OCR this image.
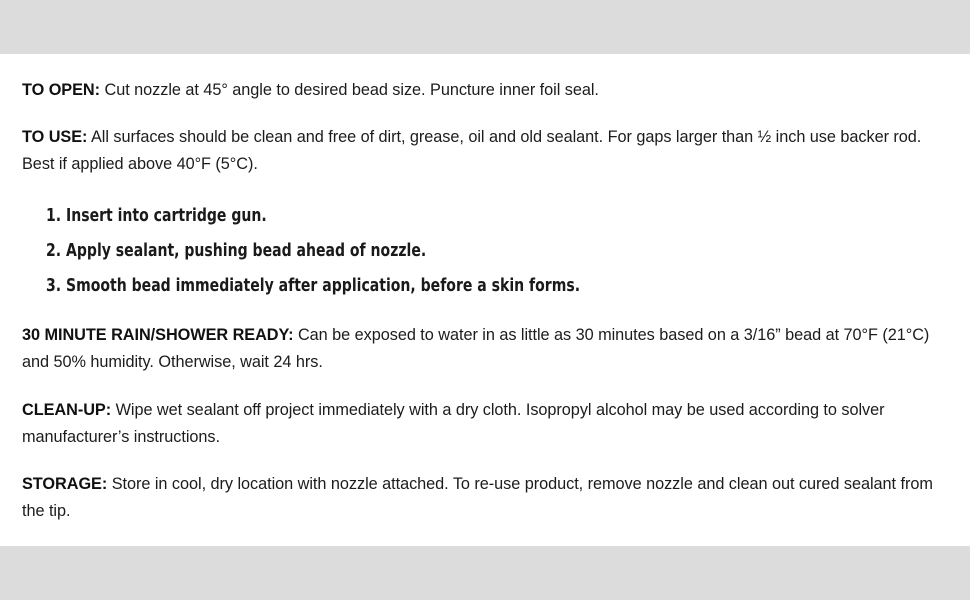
TO OPEN: Cut nozzle at 45° angle to desired bead size. Puncture inner foil seal.

TO USE: All surfaces should be clean and free of dirt, grease, oil and old sealant. For gaps larger than ½ inch use backer rod. Best if applied above 40°F (5°C).

1. Insert into cartridge gun.
2. Apply sealant, pushing bead ahead of nozzle.
3. Smooth bead immediately after application, before a skin forms.

30 MINUTE RAIN/SHOWER READY: Can be exposed to water in as little as 30 minutes based on a 3/16” bead at 70°F (21°C) and 50% humidity. Otherwise, wait 24 hrs.

CLEAN-UP: Wipe wet sealant off project immediately with a dry cloth. Isopropyl alcohol may be used according to solver manufacturer’s instructions.

STORAGE: Store in cool, dry location with nozzle attached. To re-use product, remove nozzle and clean out cured sealant from the tip.
